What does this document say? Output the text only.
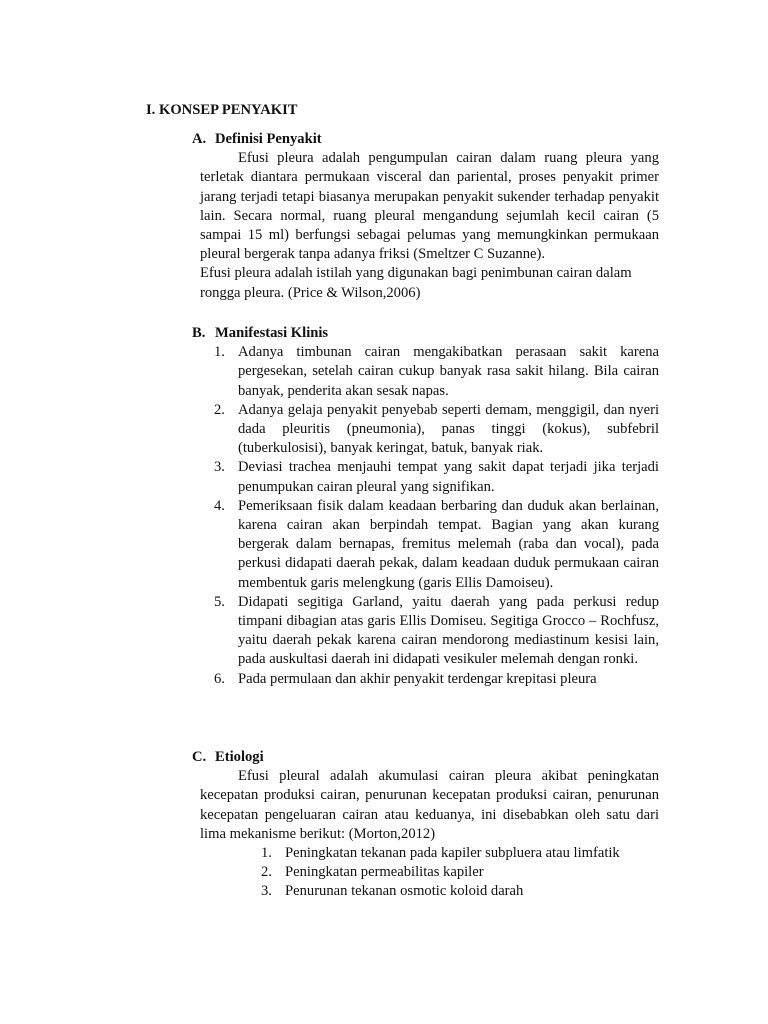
I. KONSEP PENYAKIT
A. Definisi Penyakit

Efusi pleura adalah pengumpulan cairan dalam ruang pleura yang terletak diantara permukaan visceral dan pariental, proses penyakit primer jarang terjadi tetapi biasanya merupakan penyakit sukender terhadap penyakit lain. Secara normal, ruang pleural mengandung sejumlah kecil cairan (5 sampai 15 ml) berfungsi sebagai pelumas yang memungkinkan permukaan pleural bergerak tanpa adanya friksi (Smeltzer C Suzanne).

Efusi pleura adalah istilah yang digunakan bagi penimbunan cairan dalam rongga pleura. (Price & Wilson,2006)

B. Manifestasi Klinis
1. Adanya timbunan cairan mengakibatkan perasaan sakit karena pergesekan, setelah cairan cukup banyak rasa sakit hilang. Bila cairan banyak, penderita akan sesak napas.
2. Adanya gelaja penyakit penyebab seperti demam, menggigil, dan nyeri dada pleuritis (pneumonia), panas tinggi (kokus), subfebril (tuberkulosisi), banyak keringat, batuk, banyak riak.
3. Deviasi trachea menjauhi tempat yang sakit dapat terjadi jika terjadi penumpukan cairan pleural yang signifikan.
4. Pemeriksaan fisik dalam keadaan berbaring dan duduk akan berlainan, karena cairan akan berpindah tempat. Bagian yang akan kurang bergerak dalam bernapas, fremitus melemah (raba dan vocal), pada perkusi didapati daerah pekak, dalam keadaan duduk permukaan cairan membentuk garis melengkung (garis Ellis Damoiseu).
5. Didapati segitiga Garland, yaitu daerah yang pada perkusi redup timpani dibagian atas garis Ellis Domiseu. Segitiga Grocco – Rochfusz, yaitu daerah pekak karena cairan mendorong mediastinum kesisi lain, pada auskultasi daerah ini didapati vesikuler melemah dengan ronki.
6. Pada permulaan dan akhir penyakit terdengar krepitasi pleura
C. Etiologi

Efusi pleural adalah akumulasi cairan pleura akibat peningkatan kecepatan produksi cairan, penurunan kecepatan produksi cairan, penurunan kecepatan pengeluaran cairan atau keduanya, ini disebabkan oleh satu dari lima mekanisme berikut: (Morton,2012)

1. Peningkatan tekanan pada kapiler subpluera atau limfatik
2. Peningkatan permeabilitas kapiler
3. Penurunan tekanan osmotic koloid darah
